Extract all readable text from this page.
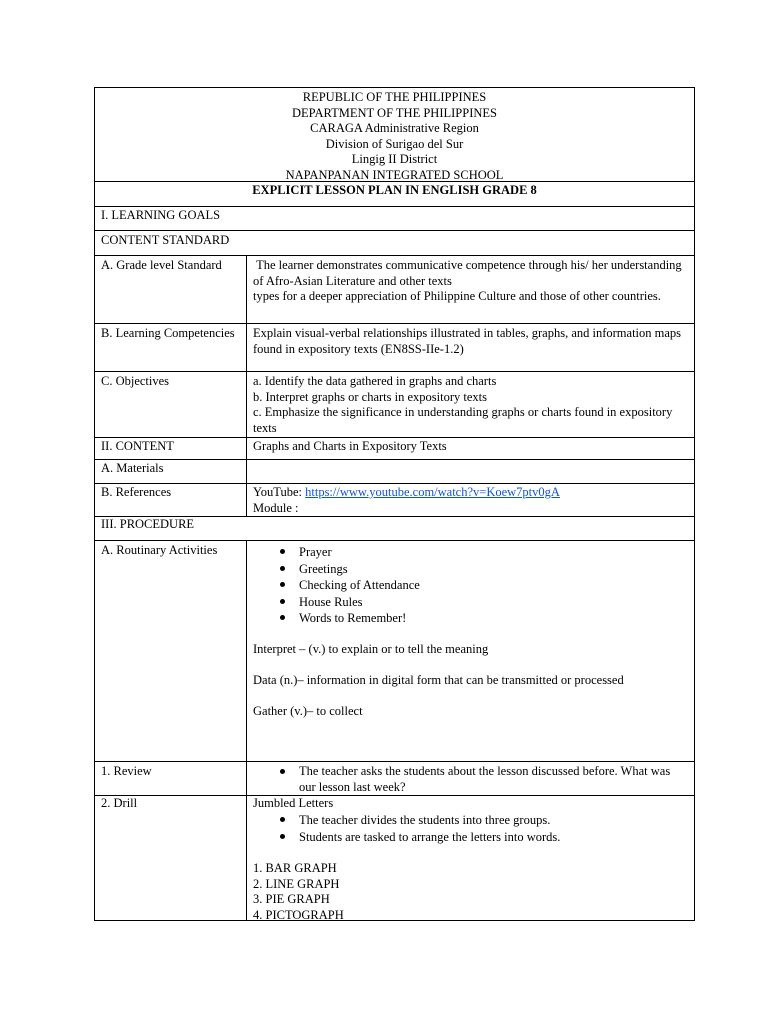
REPUBLIC OF THE PHILIPPINES
DEPARTMENT OF THE PHILIPPINES
CARAGA Administrative Region
Division of Surigao del Sur
Lingig II District
NAPANPANAN INTEGRATED SCHOOL
EXPLICIT LESSON PLAN IN ENGLISH GRADE 8
I. LEARNING GOALS
CONTENT STANDARD
A. Grade level Standard	The learner demonstrates communicative competence through his/ her understanding of Afro-Asian Literature and other texts
types for a deeper appreciation of Philippine Culture and those of other countries.
B. Learning Competencies	Explain visual-verbal relationships illustrated in tables, graphs, and information maps found in expository texts (EN8SS-IIe-1.2)
C. Objectives	a. Identify the data gathered in graphs and charts
b. Interpret graphs or charts in expository texts
c. Emphasize the significance in understanding graphs or charts found in expository texts
II. CONTENT	Graphs and Charts in Expository Texts
A. Materials
B. References	YouTube: https://www.youtube.com/watch?v=Koew7ptv0gA
Module :
III. PROCEDURE
A. Routinary Activities	Prayer
Greetings
Checking of Attendance
House Rules
Words to Remember!
Interpret – (v.) to explain or to tell the meaning
Data (n.)– information in digital form that can be transmitted or processed
Gather (v.)– to collect
1. Review	The teacher asks the students about the lesson discussed before. What was our lesson last week?
2. Drill	Jumbled Letters
The teacher divides the students into three groups.
Students are tasked to arrange the letters into words.
1. BAR GRAPH
2. LINE GRAPH
3. PIE GRAPH
4. PICTOGRAPH
